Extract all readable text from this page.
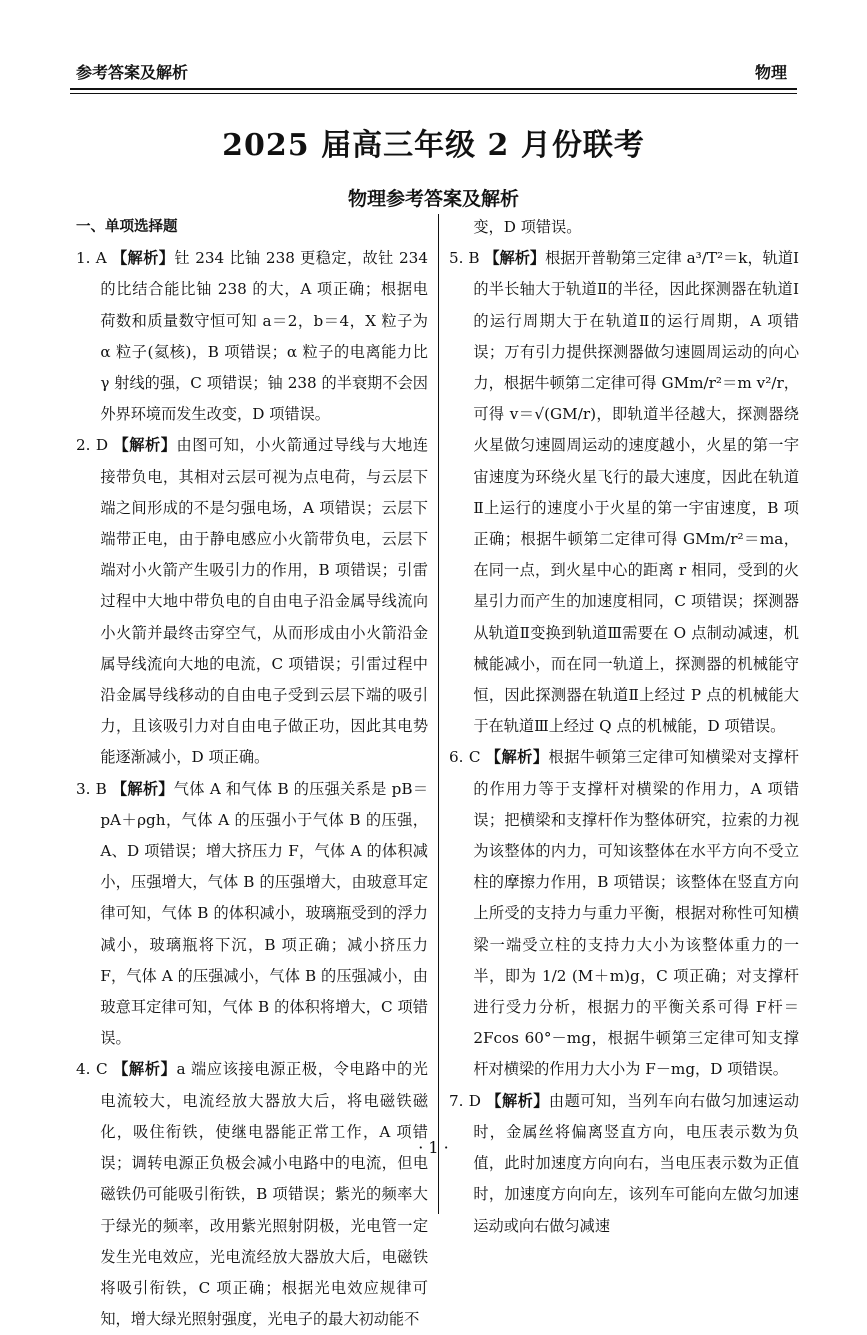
参考答案及解析	物理
2025 届高三年级 2 月份联考
物理参考答案及解析
一、单项选择题

1. A 【解析】钍 234 比铀 238 更稳定，故钍 234 的比结合能比铀 238 的大，A 项正确；根据电荷数和质量数守恒可知 a＝2，b＝4，X 粒子为 α 粒子(氦核)，B 项错误；α 粒子的电离能力比 γ 射线的强，C 项错误；铀 238 的半衰期不会因外界环境而发生改变，D 项错误。

2. D 【解析】由图可知，小火箭通过导线与大地连接带负电，其相对云层可视为点电荷，与云层下端之间形成的不是匀强电场，A 项错误；云层下端带正电，由于静电感应小火箭带负电，云层下端对小火箭产生吸引力的作用，B 项错误；引雷过程中大地中带负电的自由电子沿金属导线流向小火箭并最终击穿空气，从而形成由小火箭沿金属导线流向大地的电流，C 项错误；引雷过程中沿金属导线移动的自由电子受到云层下端的吸引力，且该吸引力对自由电子做正功，因此其电势能逐渐减小，D 项正确。

3. B 【解析】气体 A 和气体 B 的压强关系是 pB＝pA＋ρgh，气体 A 的压强小于气体 B 的压强，A、D 项错误；增大挤压力 F，气体 A 的体积减小，压强增大，气体 B 的压强增大，由玻意耳定律可知，气体 B 的体积减小，玻璃瓶受到的浮力减小，玻璃瓶将下沉，B 项正确；减小挤压力 F，气体 A 的压强减小，气体 B 的压强减小，由玻意耳定律可知，气体 B 的体积将增大，C 项错误。

4. C 【解析】a 端应该接电源正极，令电路中的光电流较大，电流经放大器放大后，将电磁铁磁化，吸住衔铁，使继电器能正常工作，A 项错误；调转电源正负极会减小电路中的电流，但电磁铁仍可能吸引衔铁，B 项错误；紫光的频率大于绿光的频率，改用紫光照射阴极，光电管一定发生光电效应，光电流经放大器放大后，电磁铁将吸引衔铁，C 项正确；根据光电效应规律可知，增大绿光照射强度，光电子的最大初动能不

变，D 项错误。

5. B 【解析】根据开普勒第三定律 a³/T²＝k，轨道Ⅰ的半长轴大于轨道Ⅱ的半径，因此探测器在轨道Ⅰ的运行周期大于在轨道Ⅱ的运行周期，A 项错误；万有引力提供探测器做匀速圆周运动的向心力，根据牛顿第二定律可得 GMm/r²＝m v²/r，可得 v＝√(GM/r)，即轨道半径越大，探测器绕火星做匀速圆周运动的速度越小，火星的第一宇宙速度为环绕火星飞行的最大速度，因此在轨道Ⅱ上运行的速度小于火星的第一宇宙速度，B 项正确；根据牛顿第二定律可得 GMm/r²＝ma，在同一点，到火星中心的距离 r 相同，受到的火星引力而产生的加速度相同，C 项错误；探测器从轨道Ⅱ变换到轨道Ⅲ需要在 O 点制动减速，机械能减小，而在同一轨道上，探测器的机械能守恒，因此探测器在轨道Ⅱ上经过 P 点的机械能大于在轨道Ⅲ上经过 Q 点的机械能，D 项错误。

6. C 【解析】根据牛顿第三定律可知横梁对支撑杆的作用力等于支撑杆对横梁的作用力，A 项错误；把横梁和支撑杆作为整体研究，拉索的力视为该整体的内力，可知该整体在水平方向不受立柱的摩擦力作用，B 项错误；该整体在竖直方向上所受的支持力与重力平衡，根据对称性可知横梁一端受立柱的支持力大小为该整体重力的一半，即为 1/2 (M＋m)g，C 项正确；对支撑杆进行受力分析，根据力的平衡关系可得 F杆＝2Fcos 60°－mg，根据牛顿第三定律可知支撑杆对横梁的作用力大小为 F－mg，D 项错误。

7. D 【解析】由题可知，当列车向右做匀加速运动时，金属丝将偏离竖直方向，电压表示数为负值，此时加速度方向向右，当电压表示数为正值时，加速度方向向左，该列车可能向左做匀加速运动或向右做匀减速

· 1 ·
